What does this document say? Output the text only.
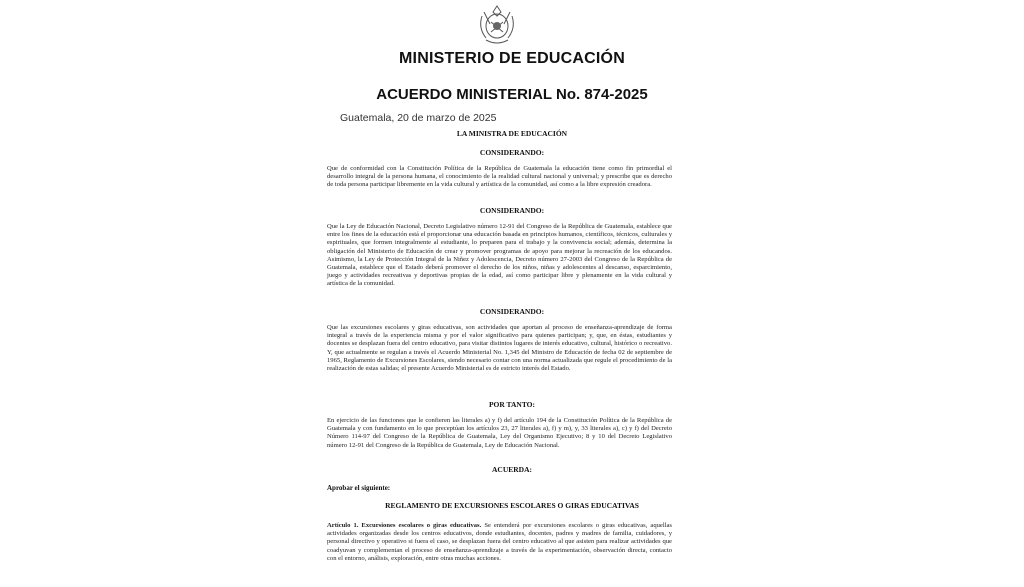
MINISTERIO DE EDUCACIÓN
ACUERDO MINISTERIAL No. 874-2025
Guatemala, 20 de marzo de 2025
LA MINISTRA DE EDUCACIÓN
CONSIDERANDO:
Que de conformidad con la Constitución Política de la República de Guatemala la educación tiene como fin primordial el desarrollo integral de la persona humana, el conocimiento de la realidad cultural nacional y universal; y prescribe que es derecho de toda persona participar libremente en la vida cultural y artística de la comunidad, así como a la libre expresión creadora.
CONSIDERANDO:
Que la Ley de Educación Nacional, Decreto Legislativo número 12-91 del Congreso de la República de Guatemala, establece que entre los fines de la educación está el proporcionar una educación basada en principios humanos, científicos, técnicos, culturales y espirituales, que formen integralmente al estudiante, lo preparen para el trabajo y la convivencia social; además, determina la obligación del Ministerio de Educación de crear y promover programas de apoyo para mejorar la recreación de los educandos. Asimismo, la Ley de Protección Integral de la Niñez y Adolescencia, Decreto número 27-2003 del Congreso de la República de Guatemala, establece que el Estado deberá promover el derecho de los niños, niñas y adolescentes al descanso, esparcimiento, juego y actividades recreativas y deportivas propias de la edad, así como participar libre y plenamente en la vida cultural y artística de la comunidad.
CONSIDERANDO:
Que las excursiones escolares y giras educativas, son actividades que aportan al proceso de enseñanza-aprendizaje de forma integral a través de la experiencia misma y por el valor significativo para quienes participan; y, que, en éstas, estudiantes y docentes se desplazan fuera del centro educativo, para visitar distintos lugares de interés educativo, cultural, histórico o recreativo. Y, que actualmente se regulan a través el Acuerdo Ministerial No. 1,345 del Ministro de Educación de fecha 02 de septiembre de 1965, Reglamento de Excursiones Escolares, siendo necesario contar con una norma actualizada que regule el procedimiento de la realización de estas salidas; el presente Acuerdo Ministerial es de estricto interés del Estado.
POR TANTO:
En ejercicio de las funciones que le confieren las literales a) y f) del artículo 194 de la Constitución Política de la República de Guatemala y con fundamento en lo que preceptúan los artículos 23, 27 literales a), f) y m), y, 33 literales a), c) y f) del Decreto Número 114-97 del Congreso de la República de Guatemala, Ley del Organismo Ejecutivo; 8 y 10 del Decreto Legislativo número 12-91 del Congreso de la República de Guatemala, Ley de Educación Nacional.
ACUERDA:
Aprobar el siguiente:
REGLAMENTO DE EXCURSIONES ESCOLARES O GIRAS EDUCATIVAS
Artículo 1. Excursiones escolares o giras educativas. Se entenderá por excursiones escolares o giras educativas, aquellas actividades organizadas desde los centros educativos, donde estudiantes, docentes, padres y madres de familia, cuidadores, y personal directivo y operativo si fuera el caso, se desplazan fuera del centro educativo al que asisten para realizar actividades que coadyuvan y complementan el proceso de enseñanza-aprendizaje a través de la experimentación, observación directa, contacto con el entorno, análisis, exploración, entre otras muchas acciones.
